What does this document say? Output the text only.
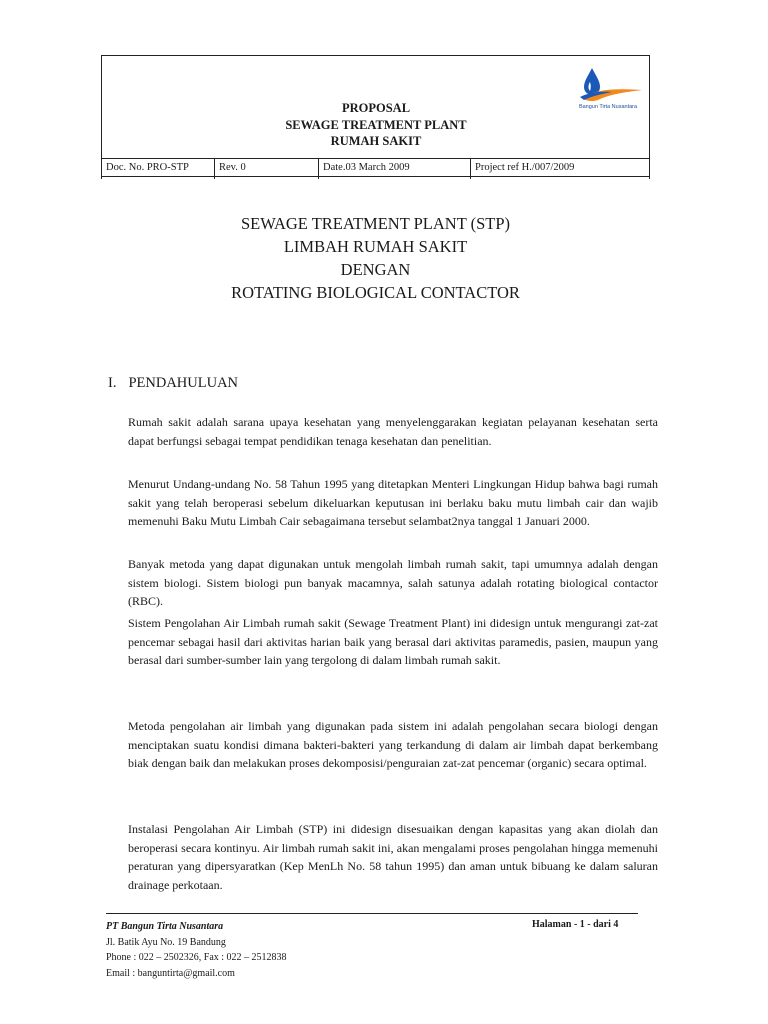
PROPOSAL
SEWAGE TREATMENT PLANT
RUMAH SAKIT
Bangun Tirta Nusantara
Doc. No. PRO-STP	Rev. 0	Date.03 March 2009	Project ref H./007/2009
SEWAGE TREATMENT PLANT (STP)
LIMBAH RUMAH SAKIT
DENGAN
ROTATING BIOLOGICAL CONTACTOR
I. PENDAHULUAN
Rumah sakit adalah sarana upaya kesehatan yang menyelenggarakan kegiatan pelayanan kesehatan serta dapat berfungsi sebagai tempat pendidikan tenaga kesehatan dan penelitian.
Menurut Undang-undang No. 58 Tahun 1995 yang ditetapkan Menteri Lingkungan Hidup bahwa bagi rumah sakit yang telah beroperasi sebelum dikeluarkan keputusan ini berlaku baku mutu limbah cair dan wajib memenuhi Baku Mutu Limbah Cair sebagaimana tersebut selambat2nya tanggal 1 Januari 2000.
Banyak metoda yang dapat digunakan untuk mengolah limbah rumah sakit, tapi umumnya adalah dengan sistem biologi. Sistem biologi pun banyak macamnya, salah satunya adalah rotating biological contactor (RBC).
Sistem Pengolahan Air Limbah rumah sakit (Sewage Treatment Plant) ini didesign untuk mengurangi zat-zat pencemar sebagai hasil dari aktivitas harian baik yang berasal dari aktivitas paramedis, pasien, maupun yang berasal dari sumber-sumber lain yang tergolong di dalam limbah rumah sakit.
Metoda pengolahan air limbah yang digunakan pada sistem ini adalah pengolahan secara biologi dengan menciptakan suatu kondisi dimana bakteri-bakteri yang terkandung di dalam air limbah dapat berkembang biak dengan baik dan melakukan proses dekomposisi/penguraian zat-zat pencemar (organic) secara optimal.
Instalasi Pengolahan Air Limbah (STP) ini didesign disesuaikan dengan kapasitas yang akan diolah dan beroperasi secara kontinyu. Air limbah rumah sakit ini, akan mengalami proses pengolahan hingga memenuhi peraturan yang dipersyaratkan (Kep MenLh No. 58 tahun 1995) dan aman untuk bibuang ke dalam saluran drainage perkotaan.
PT Bangun Tirta Nusantara
Jl. Batik Ayu No. 19 Bandung
Phone : 022 – 2502326, Fax : 022 – 2512838
Email : banguntirta@gmail.com
Halaman - 1 - dari 4
